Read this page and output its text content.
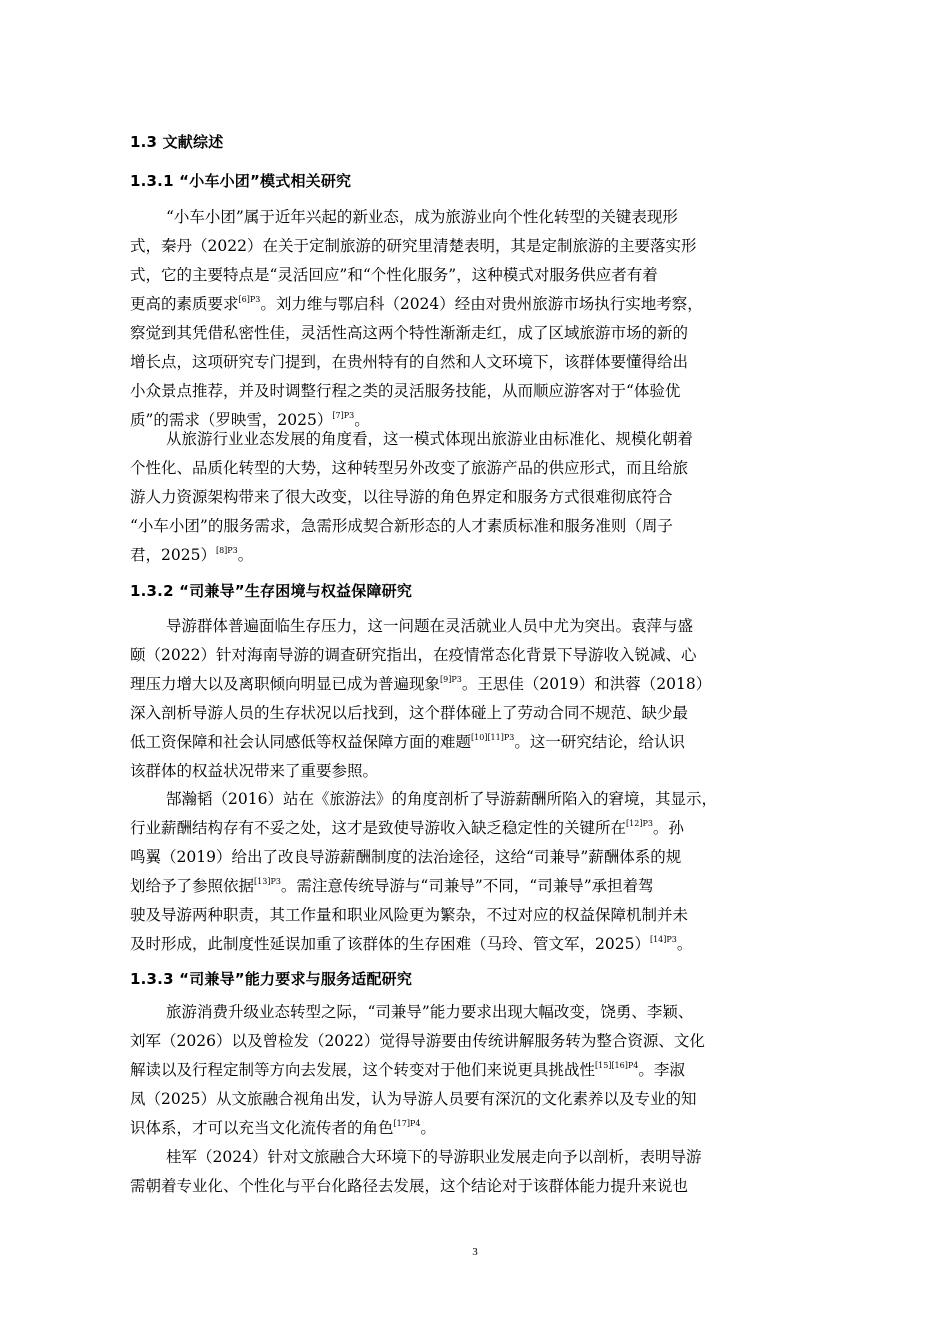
1.3 文献综述
1.3.1 “小车小团”模式相关研究
“小车小团”属于近年兴起的新业态，成为旅游业向个性化转型的关键表现形
式，秦丹（2022）在关于定制旅游的研究里清楚表明，其是定制旅游的主要落实形
式，它的主要特点是“灵活回应”和“个性化服务”，这种模式对服务供应者有着
更高的素质要求$^{[6]P3}$。刘力维与鄂启科（2024）经由对贵州旅游市场执行实地考察，
察觉到其凭借私密性佳，灵活性高这两个特性渐渐走红，成了区域旅游市场的新的
增长点，这项研究专门提到，在贵州特有的自然和人文环境下，该群体要懂得给出
小众景点推荐，并及时调整行程之类的灵活服务技能，从而顺应游客对于“体验优
质”的需求（罗映雪，2025）$^{[7]P3}$。
从旅游行业业态发展的角度看，这一模式体现出旅游业由标准化、规模化朝着
个性化、品质化转型的大势，这种转型另外改变了旅游产品的供应形式，而且给旅
游人力资源架构带来了很大改变，以往导游的角色界定和服务方式很难彻底符合
“小车小团”的服务需求，急需形成契合新形态的人才素质标准和服务准则（周子
君，2025）$^{[8]P3}$。
1.3.2 “司兼导”生存困境与权益保障研究
导游群体普遍面临生存压力，这一问题在灵活就业人员中尤为突出。袁萍与盛
颐（2022）针对海南导游的调查研究指出，在疫情常态化背景下导游收入锐减、心
理压力增大以及离职倾向明显已成为普遍现象$^{[9]P3}$。王思佳（2019）和洪蓉（2018）
深入剖析导游人员的生存状况以后找到，这个群体碰上了劳动合同不规范、缺少最
低工资保障和社会认同感低等权益保障方面的难题$^{[10][11]P3}$。这一研究结论，给认识
该群体的权益状况带来了重要参照。
郜瀚韬（2016）站在《旅游法》的角度剖析了导游薪酬所陷入的窘境，其显示，
行业薪酬结构存有不妥之处，这才是致使导游收入缺乏稳定性的关键所在$^{[12]P3}$。孙
鸣翼（2019）给出了改良导游薪酬制度的法治途径，这给“司兼导”薪酬体系的规
划给予了参照依据$^{[13]P3}$。需注意传统导游与“司兼导”不同，“司兼导”承担着驾
驶及导游两种职责，其工作量和职业风险更为繁杂，不过对应的权益保障机制并未
及时形成，此制度性延误加重了该群体的生存困难（马玲、管文军，2025）$^{[14]P3}$。
1.3.3 “司兼导”能力要求与服务适配研究
旅游消费升级业态转型之际，“司兼导”能力要求出现大幅改变，饶勇、李颖、
刘军（2026）以及曾检发（2022）觉得导游要由传统讲解服务转为整合资源、文化
解读以及行程定制等方向去发展，这个转变对于他们来说更具挑战性$^{[15][16]P4}$。李淑
凤（2025）从文旅融合视角出发，认为导游人员要有深沉的文化素养以及专业的知
识体系，才可以充当文化流传者的角色$^{[17]P4}$。
桂军（2024）针对文旅融合大环境下的导游职业发展走向予以剖析，表明导游
需朝着专业化、个性化与平台化路径去发展，这个结论对于该群体能力提升来说也
3
